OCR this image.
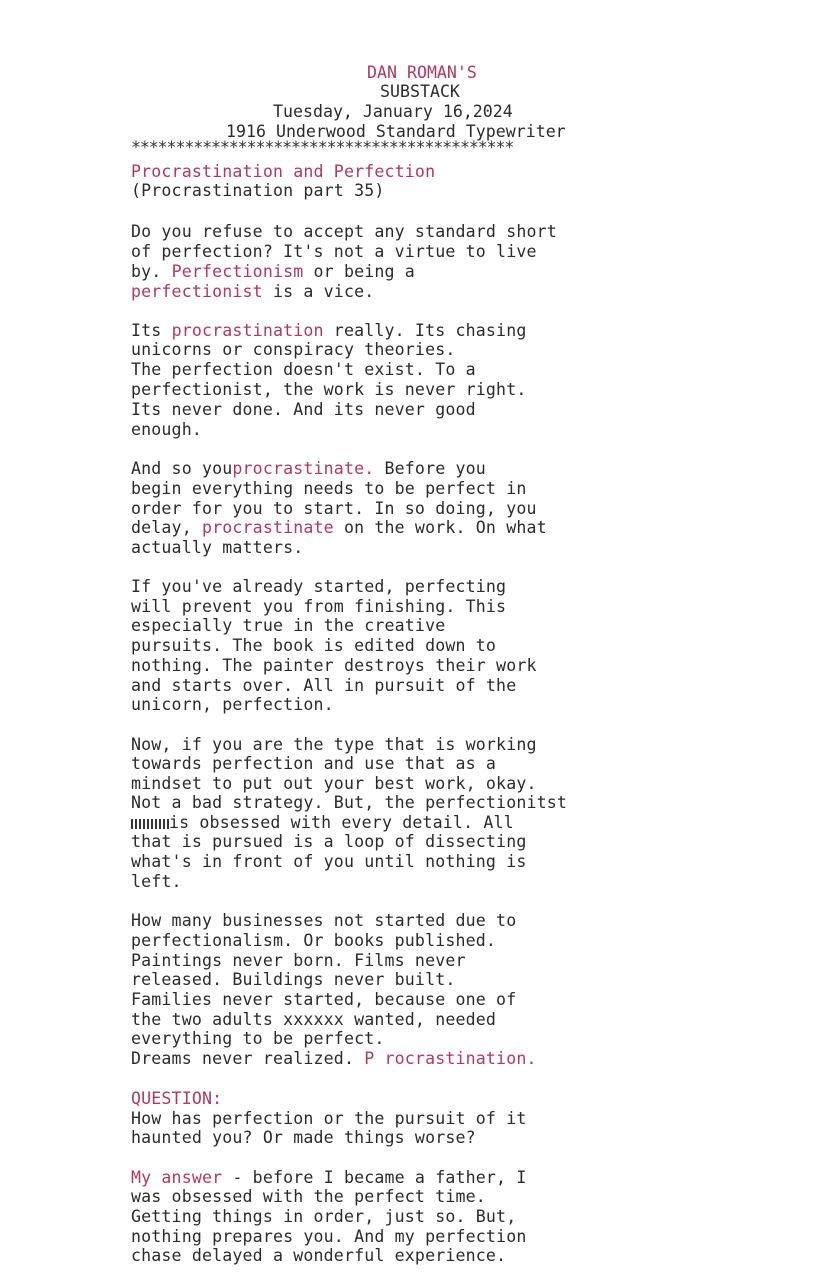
DAN ROMAN'S
SUBSTACK
Tuesday, January 16,2024
1916 Underwood Standard Typewriter
*******************************************
Procrastination and Perfection
(Procrastination part 35)
Do you refuse to accept any standard short
of perfection? It's not a virtue to live
by. Perfectionism or being a
perfectionist is a vice.
Its procrastination really. Its chasing
unicorns or conspiracy theories.
The perfection doesn't exist. To a
perfectionist, the work is never right.
Its never done. And its never good
enough.
And so youprocrastinate. Before you
begin everything needs to be perfect in
order for you to start. In so doing, you
delay, procrastinate on the work. On what
actually matters.
If you've already started, perfecting
will prevent you from finishing. This
especially true in the creative
pursuits. The book is edited down to
nothing. The painter destroys their work
and starts over. All in pursuit of the
unicorn, perfection.
Now, if you are the type that is working
towards perfection and use that as a
mindset to put out your best work, okay.
Not a bad strategy. But, the perfectionitst
is obsessed with every detail. All
that is pursued is a loop of dissecting
what's in front of you until nothing is
left.
How many businesses not started due to
perfectionalism. Or books published.
Paintings never born. Films never
released. Buildings never built.
Families never started, because one of
the two adults xxxxxx wanted, needed
everything to be perfect.
Dreams never realized. P rocrastination.
QUESTION:
How has perfection or the pursuit of it
haunted you? Or made things worse?
My answer - before I became a father, I
was obsessed with the perfect time.
Getting things in order, just so. But,
nothing prepares you. And my perfection
chase delayed a wonderful experience.
